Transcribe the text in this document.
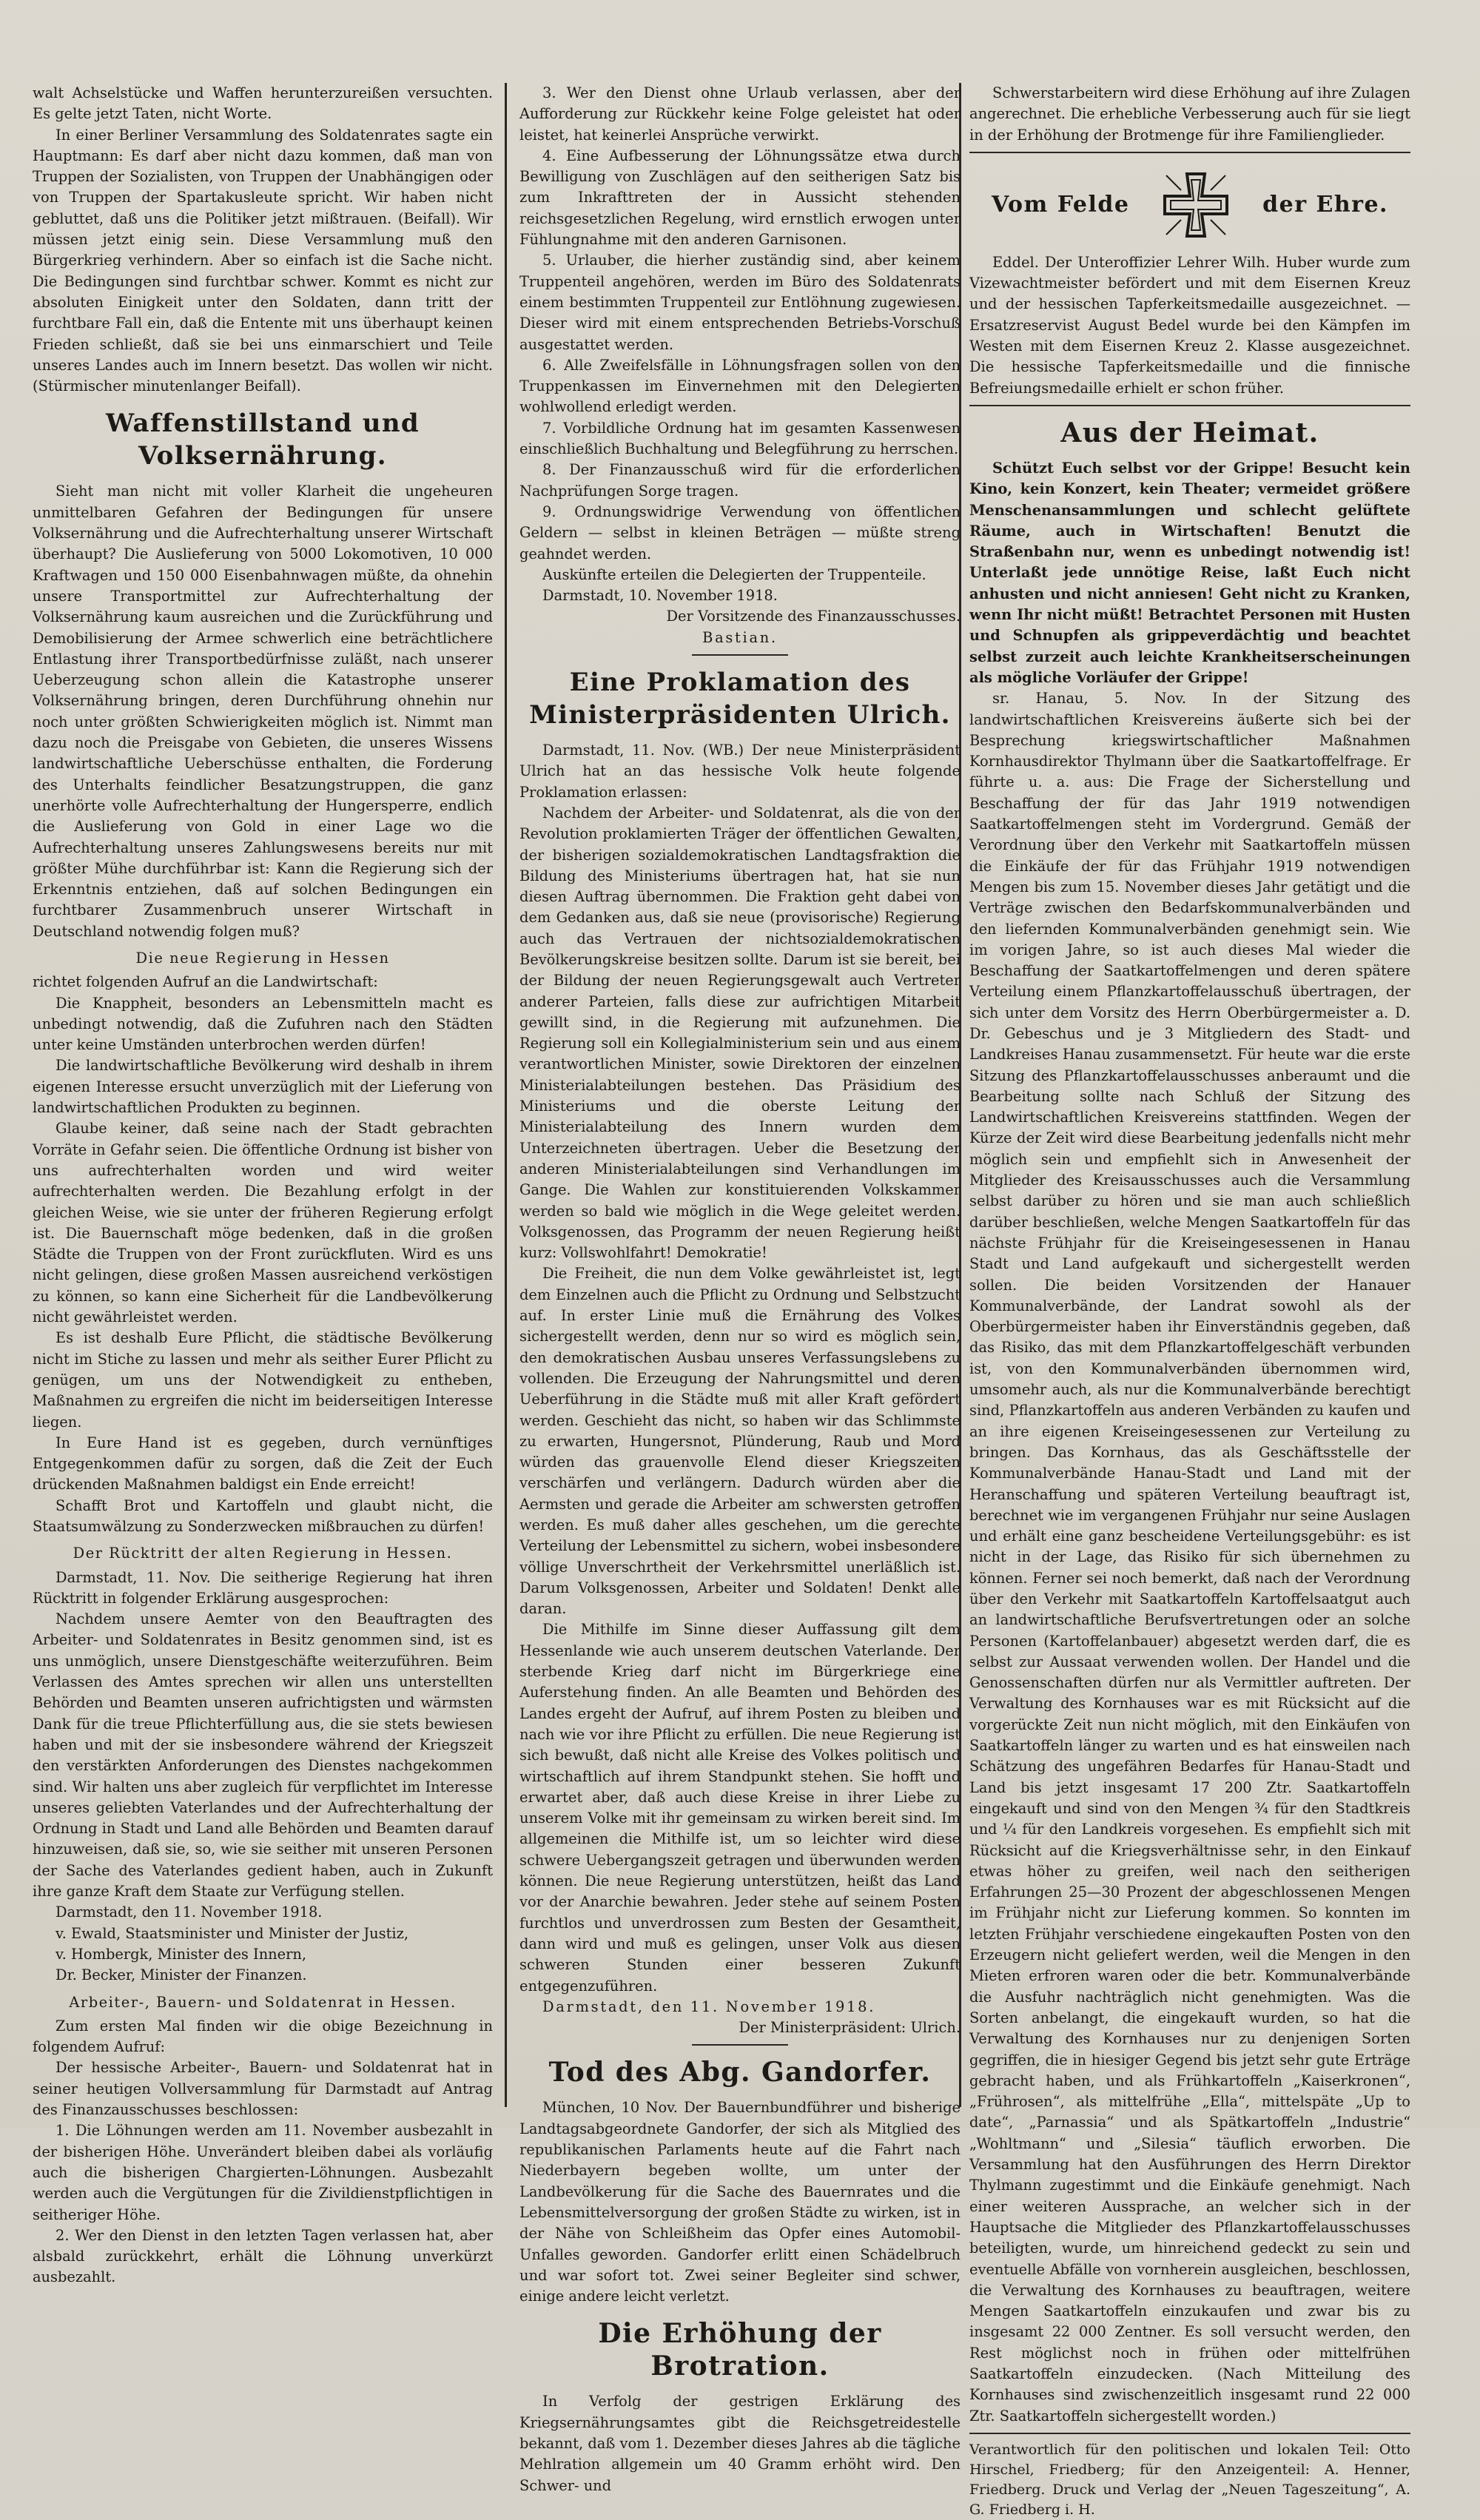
walt Achselstücke und Waffen herunterzureißen versuchten. Es gelte jetzt Taten, nicht Worte.

In einer Berliner Versammlung des Soldatenrates sagte ein Hauptmann: Es darf aber nicht dazu kommen, daß man von Truppen der Sozialisten, von Truppen der Unabhängigen oder von Truppen der Spartakusleute spricht. Wir haben nicht gebluttet, daß uns die Politiker jetzt mißtrauen. (Beifall). Wir müssen jetzt einig sein. Diese Versammlung muß den Bürgerkrieg verhindern. Aber so einfach ist die Sache nicht. Die Bedingungen sind furchtbar schwer. Kommt es nicht zur absoluten Einigkeit unter den Soldaten, dann tritt der furchtbare Fall ein, daß die Entente mit uns überhaupt keinen Frieden schließt, daß sie bei uns einmarschiert und Teile unseres Landes auch im Innern besetzt. Das wollen wir nicht. (Stürmischer minutenlanger Beifall).

Waffenstillstand und Volksernährung.

Sieht man nicht mit voller Klarheit die ungeheuren unmittelbaren Gefahren der Bedingungen für unsere Volksernährung und die Aufrechterhaltung unserer Wirtschaft überhaupt? Die Auslieferung von 5000 Lokomotiven, 10 000 Kraftwagen und 150 000 Eisenbahnwagen müßte, da ohnehin unsere Transportmittel zur Aufrechterhaltung der Volksernährung kaum ausreichen und die Zurückführung und Demobilisierung der Armee schwerlich eine beträchtlichere Entlastung ihrer Transportbedürfnisse zuläßt, nach unserer Ueberzeugung schon allein die Katastrophe unserer Volksernährung bringen, deren Durchführung ohnehin nur noch unter größten Schwierigkeiten möglich ist. Nimmt man dazu noch die Preisgabe von Gebieten, die unseres Wissens landwirtschaftliche Ueberschüsse enthalten, die Forderung des Unterhalts feindlicher Besatzungstruppen, die ganz unerhörte volle Aufrechterhaltung der Hungersperre, endlich die Auslieferung von Gold in einer Lage wo die Aufrechterhaltung unseres Zahlungswesens bereits nur mit größter Mühe durchführbar ist: Kann die Regierung sich der Erkenntnis entziehen, daß auf solchen Bedingungen ein furchtbarer Zusammenbruch unserer Wirtschaft in Deutschland notwendig folgen muß?

Die neue Regierung in Hessen

richtet folgenden Aufruf an die Landwirtschaft:

Die Knappheit, besonders an Lebensmitteln macht es unbedingt notwendig, daß die Zufuhren nach den Städten unter keine Umständen unterbrochen werden dürfen!

Die landwirtschaftliche Bevölkerung wird deshalb in ihrem eigenen Interesse ersucht unverzüglich mit der Lieferung von landwirtschaftlichen Produkten zu beginnen.

Glaube keiner, daß seine nach der Stadt gebrachten Vorräte in Gefahr seien. Die öffentliche Ordnung ist bisher von uns aufrechterhalten worden und wird weiter aufrechterhalten werden. Die Bezahlung erfolgt in der gleichen Weise, wie sie unter der früheren Regierung erfolgt ist. Die Bauernschaft möge bedenken, daß in die großen Städte die Truppen von der Front zurückfluten. Wird es uns nicht gelingen, diese großen Massen ausreichend verköstigen zu können, so kann eine Sicherheit für die Landbevölkerung nicht gewährleistet werden.

Es ist deshalb Eure Pflicht, die städtische Bevölkerung nicht im Stiche zu lassen und mehr als seither Eurer Pflicht zu genügen, um uns der Notwendigkeit zu entheben, Maßnahmen zu ergreifen die nicht im beiderseitigen Interesse liegen.

In Eure Hand ist es gegeben, durch vernünftiges Entgegenkommen dafür zu sorgen, daß die Zeit der Euch drückenden Maßnahmen baldigst ein Ende erreicht!

Schafft Brot und Kartoffeln und glaubt nicht, die Staatsumwälzung zu Sonderzwecken mißbrauchen zu dürfen!

Der Rücktritt der alten Regierung in Hessen.

Darmstadt, 11. Nov. Die seitherige Regierung hat ihren Rücktritt in folgender Erklärung ausgesprochen:

Nachdem unsere Aemter von den Beauftragten des Arbeiter- und Soldatenrates in Besitz genommen sind, ist es uns unmöglich, unsere Dienstgeschäfte weiterzuführen. Beim Verlassen des Amtes sprechen wir allen uns unterstellten Behörden und Beamten unseren aufrichtigsten und wärmsten Dank für die treue Pflichterfüllung aus, die sie stets bewiesen haben und mit der sie insbesondere während der Kriegszeit den verstärkten Anforderungen des Dienstes nachgekommen sind. Wir halten uns aber zugleich für verpflichtet im Interesse unseres geliebten Vaterlandes und der Aufrechterhaltung der Ordnung in Stadt und Land alle Behörden und Beamten darauf hinzuweisen, daß sie, so, wie sie seither mit unseren Personen der Sache des Vaterlandes gedient haben, auch in Zukunft ihre ganze Kraft dem Staate zur Verfügung stellen.

Darmstadt, den 11. November 1918.

v. Ewald, Staatsminister und Minister der Justiz,

v. Hombergk, Minister des Innern,

Dr. Becker, Minister der Finanzen.

Arbeiter-, Bauern- und Soldatenrat in Hessen.

Zum ersten Mal finden wir die obige Bezeichnung in folgendem Aufruf:

Der hessische Arbeiter-, Bauern- und Soldatenrat hat in seiner heutigen Vollversammlung für Darmstadt auf Antrag des Finanzausschusses beschlossen:

1. Die Löhnungen werden am 11. November ausbezahlt in der bisherigen Höhe. Unverändert bleiben dabei als vorläufig auch die bisherigen Chargierten-Löhnungen. Ausbezahlt werden auch die Vergütungen für die Zivildienstpflichtigen in seitheriger Höhe.

2. Wer den Dienst in den letzten Tagen verlassen hat, aber alsbald zurückkehrt, erhält die Löhnung unverkürzt ausbezahlt.

3. Wer den Dienst ohne Urlaub verlassen, aber der Aufforderung zur Rückkehr keine Folge geleistet hat oder leistet, hat keinerlei Ansprüche verwirkt.

4. Eine Aufbesserung der Löhnungssätze etwa durch Bewilligung von Zuschlägen auf den seitherigen Satz bis zum Inkrafttreten der in Aussicht stehenden reichsgesetzlichen Regelung, wird ernstlich erwogen unter Fühlungnahme mit den anderen Garnisonen.

5. Urlauber, die hierher zuständig sind, aber keinem Truppenteil angehören, werden im Büro des Soldatenrats einem bestimmten Truppenteil zur Entlöhnung zugewiesen. Dieser wird mit einem entsprechenden Betriebs-Vorschuß ausgestattet werden.

6. Alle Zweifelsfälle in Löhnungsfragen sollen von den Truppenkassen im Einvernehmen mit den Delegierten wohlwollend erledigt werden.

7. Vorbildliche Ordnung hat im gesamten Kassenwesen einschließlich Buchhaltung und Belegführung zu herrschen.

8. Der Finanzausschuß wird für die erforderlichen Nachprüfungen Sorge tragen.

9. Ordnungswidrige Verwendung von öffentlichen Geldern — selbst in kleinen Beträgen — müßte streng geahndet werden.

Auskünfte erteilen die Delegierten der Truppenteile.

Darmstadt, 10. November 1918.

Der Vorsitzende des Finanzausschusses.

Bastian.

Eine Proklamation des Ministerpräsidenten Ulrich.

Darmstadt, 11. Nov. (WB.) Der neue Ministerpräsident Ulrich hat an das hessische Volk heute folgende Proklamation erlassen:

Nachdem der Arbeiter- und Soldatenrat, als die von der Revolution proklamierten Träger der öffentlichen Gewalten, der bisherigen sozialdemokratischen Landtagsfraktion die Bildung des Ministeriums übertragen hat, hat sie nun diesen Auftrag übernommen. Die Fraktion geht dabei von dem Gedanken aus, daß sie neue (provisorische) Regierung auch das Vertrauen der nichtsozialdemokratischen Bevölkerungskreise besitzen sollte. Darum ist sie bereit, bei der Bildung der neuen Regierungsgewalt auch Vertreter anderer Parteien, falls diese zur aufrichtigen Mitarbeit gewillt sind, in die Regierung mit aufzunehmen. Die Regierung soll ein Kollegialministerium sein und aus einem verantwortlichen Minister, sowie Direktoren der einzelnen Ministerialabteilungen bestehen. Das Präsidium des Ministeriums und die oberste Leitung der Ministerialabteilung des Innern wurden dem Unterzeichneten übertragen. Ueber die Besetzung der anderen Ministerialabteilungen sind Verhandlungen im Gange. Die Wahlen zur konstituierenden Volkskammer werden so bald wie möglich in die Wege geleitet werden. Volksgenossen, das Programm der neuen Regierung heißt kurz: Vollswohlfahrt! Demokratie!

Die Freiheit, die nun dem Volke gewährleistet ist, legt dem Einzelnen auch die Pflicht zu Ordnung und Selbstzucht auf. In erster Linie muß die Ernährung des Volkes sichergestellt werden, denn nur so wird es möglich sein, den demokratischen Ausbau unseres Verfassungslebens zu vollenden. Die Erzeugung der Nahrungsmittel und deren Ueberführung in die Städte muß mit aller Kraft gefördert werden. Geschieht das nicht, so haben wir das Schlimmste zu erwarten, Hungersnot, Plünderung, Raub und Mord würden das grauenvolle Elend dieser Kriegszeiten verschärfen und verlängern. Dadurch würden aber die Aermsten und gerade die Arbeiter am schwersten getroffen werden. Es muß daher alles geschehen, um die gerechte Verteilung der Lebensmittel zu sichern, wobei insbesondere völlige Unverschrtheit der Verkehrsmittel unerläßlich ist. Darum Volksgenossen, Arbeiter und Soldaten! Denkt alle daran.

Die Mithilfe im Sinne dieser Auffassung gilt dem Hessenlande wie auch unserem deutschen Vaterlande. Der sterbende Krieg darf nicht im Bürgerkriege eine Auferstehung finden. An alle Beamten und Behörden des Landes ergeht der Aufruf, auf ihrem Posten zu bleiben und nach wie vor ihre Pflicht zu erfüllen. Die neue Regierung ist sich bewußt, daß nicht alle Kreise des Volkes politisch und wirtschaftlich auf ihrem Standpunkt stehen. Sie hofft und erwartet aber, daß auch diese Kreise in ihrer Liebe zu unserem Volke mit ihr gemeinsam zu wirken bereit sind. Im allgemeinen die Mithilfe ist, um so leichter wird diese schwere Uebergangszeit getragen und überwunden werden können. Die neue Regierung unterstützen, heißt das Land vor der Anarchie bewahren. Jeder stehe auf seinem Posten furchtlos und unverdrossen zum Besten der Gesamtheit, dann wird und muß es gelingen, unser Volk aus diesen schweren Stunden einer besseren Zukunft entgegenzuführen.

Darmstadt, den 11. November 1918.

Der Ministerpräsident: Ulrich.

Tod des Abg. Gandorfer.

München, 10 Nov. Der Bauernbundführer und bisherige Landtagsabgeordnete Gandorfer, der sich als Mitglied des republikanischen Parlaments heute auf die Fahrt nach Niederbayern begeben wollte, um unter der Landbevölkerung für die Sache des Bauernrates und die Lebensmittelversorgung der großen Städte zu wirken, ist in der Nähe von Schleißheim das Opfer eines Automobil-Unfalles geworden. Gandorfer erlitt einen Schädelbruch und war sofort tot. Zwei seiner Begleiter sind schwer, einige andere leicht verletzt.

Die Erhöhung der Brotration.

In Verfolg der gestrigen Erklärung des Kriegsernährungsamtes gibt die Reichsgetreidestelle bekannt, daß vom 1. Dezember dieses Jahres ab die tägliche Mehlration allgemein um 40 Gramm erhöht wird. Den Schwer- und

Schwerstarbeitern wird diese Erhöhung auf ihre Zulagen angerechnet. Die erhebliche Verbesserung auch für sie liegt in der Erhöhung der Brotmenge für ihre Familienglieder.

Vom Felde	der Ehre.

Eddel. Der Unteroffizier Lehrer Wilh. Huber wurde zum Vizewachtmeister befördert und mit dem Eisernen Kreuz und der hessischen Tapferkeitsmedaille ausgezeichnet. — Ersatzreservist August Bedel wurde bei den Kämpfen im Westen mit dem Eisernen Kreuz 2. Klasse ausgezeichnet. Die hessische Tapferkeitsmedaille und die finnische Befreiungsmedaille erhielt er schon früher.

Aus der Heimat.

Schützt Euch selbst vor der Grippe! Besucht kein Kino, kein Konzert, kein Theater; vermeidet größere Menschenansammlungen und schlecht gelüftete Räume, auch in Wirtschaften! Benutzt die Straßenbahn nur, wenn es unbedingt notwendig ist! Unterlaßt jede unnötige Reise, laßt Euch nicht anhusten und nicht anniesen! Geht nicht zu Kranken, wenn Ihr nicht müßt! Betrachtet Personen mit Husten und Schnupfen als grippeverdächtig und beachtet selbst zurzeit auch leichte Krankheitserscheinungen als mögliche Vorläufer der Grippe!

sr. Hanau, 5. Nov. In der Sitzung des landwirtschaftlichen Kreisvereins äußerte sich bei der Besprechung kriegswirtschaftlicher Maßnahmen Kornhausdirektor Thylmann über die Saatkartoffelfrage. Er führte u. a. aus: Die Frage der Sicherstellung und Beschaffung der für das Jahr 1919 notwendigen Saatkartoffelmengen steht im Vordergrund. Gemäß der Verordnung über den Verkehr mit Saatkartoffeln müssen die Einkäufe der für das Frühjahr 1919 notwendigen Mengen bis zum 15. November dieses Jahr getätigt und die Verträge zwischen den Bedarfskommunalverbänden und den liefernden Kommunalverbänden genehmigt sein. Wie im vorigen Jahre, so ist auch dieses Mal wieder die Beschaffung der Saatkartoffelmengen und deren spätere Verteilung einem Pflanzkartoffelausschuß übertragen, der sich unter dem Vorsitz des Herrn Oberbürgermeister a. D. Dr. Gebeschus und je 3 Mitgliedern des Stadt- und Landkreises Hanau zusammensetzt. Für heute war die erste Sitzung des Pflanzkartoffelausschusses anberaumt und die Bearbeitung sollte nach Schluß der Sitzung des Landwirtschaftlichen Kreisvereins stattfinden. Wegen der Kürze der Zeit wird diese Bearbeitung jedenfalls nicht mehr möglich sein und empfiehlt sich in Anwesenheit der Mitglieder des Kreisausschusses auch die Versammlung selbst darüber zu hören und sie man auch schließlich darüber beschließen, welche Mengen Saatkartoffeln für das nächste Frühjahr für die Kreiseingesessenen in Hanau Stadt und Land aufgekauft und sichergestellt werden sollen. Die beiden Vorsitzenden der Hanauer Kommunalverbände, der Landrat sowohl als der Oberbürgermeister haben ihr Einverständnis gegeben, daß das Risiko, das mit dem Pflanzkartoffelgeschäft verbunden ist, von den Kommunalverbänden übernommen wird, umsomehr auch, als nur die Kommunalverbände berechtigt sind, Pflanzkartoffeln aus anderen Verbänden zu kaufen und an ihre eigenen Kreiseingesessenen zur Verteilung zu bringen. Das Kornhaus, das als Geschäftsstelle der Kommunalverbände Hanau-Stadt und Land mit der Heranschaffung und späteren Verteilung beauftragt ist, berechnet wie im vergangenen Frühjahr nur seine Auslagen und erhält eine ganz bescheidene Verteilungsgebühr: es ist nicht in der Lage, das Risiko für sich übernehmen zu können. Ferner sei noch bemerkt, daß nach der Verordnung über den Verkehr mit Saatkartoffeln Kartoffelsaatgut auch an landwirtschaftliche Berufsvertretungen oder an solche Personen (Kartoffelanbauer) abgesetzt werden darf, die es selbst zur Aussaat verwenden wollen. Der Handel und die Genossenschaften dürfen nur als Vermittler auftreten. Der Verwaltung des Kornhauses war es mit Rücksicht auf die vorgerückte Zeit nun nicht möglich, mit den Einkäufen von Saatkartoffeln länger zu warten und es hat einsweilen nach Schätzung des ungefähren Bedarfes für Hanau-Stadt und Land bis jetzt insgesamt 17 200 Ztr. Saatkartoffeln eingekauft und sind von den Mengen ¾ für den Stadtkreis und ¼ für den Landkreis vorgesehen. Es empfiehlt sich mit Rücksicht auf die Kriegsverhältnisse sehr, in den Einkauf etwas höher zu greifen, weil nach den seitherigen Erfahrungen 25—30 Prozent der abgeschlossenen Mengen im Frühjahr nicht zur Lieferung kommen. So konnten im letzten Frühjahr verschiedene eingekauften Posten von den Erzeugern nicht geliefert werden, weil die Mengen in den Mieten erfroren waren oder die betr. Kommunalverbände die Ausfuhr nachträglich nicht genehmigten. Was die Sorten anbelangt, die eingekauft wurden, so hat die Verwaltung des Kornhauses nur zu denjenigen Sorten gegriffen, die in hiesiger Gegend bis jetzt sehr gute Erträge gebracht haben, und als Frühkartoffeln „Kaiserkronen“, „Frührosen“, als mittelfrühe „Ella“, mittelspäte „Up to date“, „Parnassia“ und als Spätkartoffeln „Industrie“ „Wohltmann“ und „Silesia“ täuflich erworben. Die Versammlung hat den Ausführungen des Herrn Direktor Thylmann zugestimmt und die Einkäufe genehmigt. Nach einer weiteren Aussprache, an welcher sich in der Hauptsache die Mitglieder des Pflanzkartoffelausschusses beteiligten, wurde, um hinreichend gedeckt zu sein und eventuelle Abfälle von vornherein ausgleichen, beschlossen, die Verwaltung des Kornhauses zu beauftragen, weitere Mengen Saatkartoffeln einzukaufen und zwar bis zu insgesamt 22 000 Zentner. Es soll versucht werden, den Rest möglichst noch in frühen oder mittelfrühen Saatkartoffeln einzudecken. (Nach Mitteilung des Kornhauses sind zwischenzeitlich insgesamt rund 22 000 Ztr. Saatkartoffeln sichergestellt worden.)

Verantwortlich für den politischen und lokalen Teil: Otto Hirschel, Friedberg; für den Anzeigenteil: A. Henner, Friedberg. Druck und Verlag der „Neuen Tageszeitung“, A. G. Friedberg i. H.
